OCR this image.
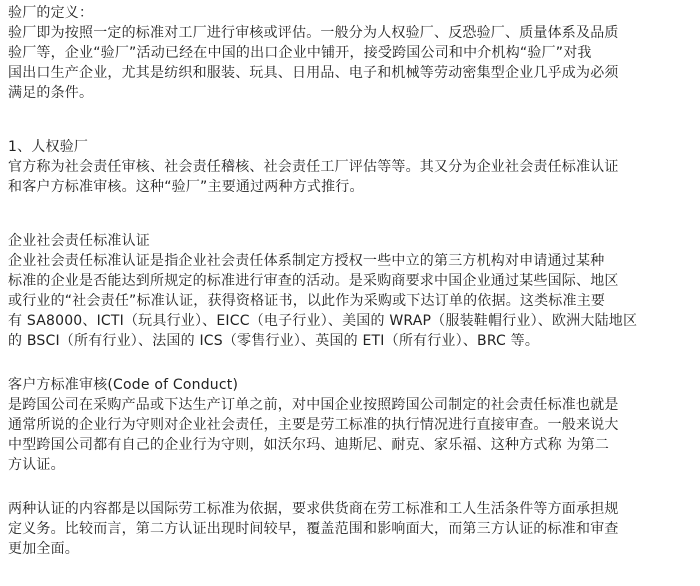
验厂的定义：
验厂即为按照一定的标准对工厂进行审核或评估。一般分为人权验厂、反恐验厂、质量体系及品质
验厂等，企业“验厂”活动已经在中国的出口企业中铺开，接受跨国公司和中介机构“验厂”对我
国出口生产企业，尤其是纺织和服装、玩具、日用品、电子和机械等劳动密集型企业几乎成为必须
满足的条件。
1、人权验厂
官方称为社会责任审核、社会责任稽核、社会责任工厂评估等等。其又分为企业社会责任标准认证
和客户方标准审核。这种“验厂”主要通过两种方式推行。
企业社会责任标准认证
企业社会责任标准认证是指企业社会责任体系制定方授权一些中立的第三方机构对申请通过某种
标准的企业是否能达到所规定的标准进行审查的活动。是采购商要求中国企业通过某些国际、地区
或行业的“社会责任”标准认证，获得资格证书，以此作为采购或下达订单的依据。这类标准主要
有 SA8000、ICTI（玩具行业）、EICC（电子行业）、美国的 WRAP（服装鞋帽行业）、欧洲大陆地区
的 BSCI（所有行业）、法国的 ICS（零售行业）、英国的 ETI（所有行业）、BRC 等。
客户方标准审核(Code of Conduct)
是跨国公司在采购产品或下达生产订单之前，对中国企业按照跨国公司制定的社会责任标准也就是
通常所说的企业行为守则对企业社会责任，主要是劳工标准的执行情况进行直接审查。一般来说大
中型跨国公司都有自己的企业行为守则，如沃尔玛、迪斯尼、耐克、家乐福、这种方式称 为第二
方认证。
两种认证的内容都是以国际劳工标准为依据，要求供货商在劳工标准和工人生活条件等方面承担规
定义务。比较而言，第二方认证出现时间较早，覆盖范围和影响面大，而第三方认证的标准和审查
更加全面。
